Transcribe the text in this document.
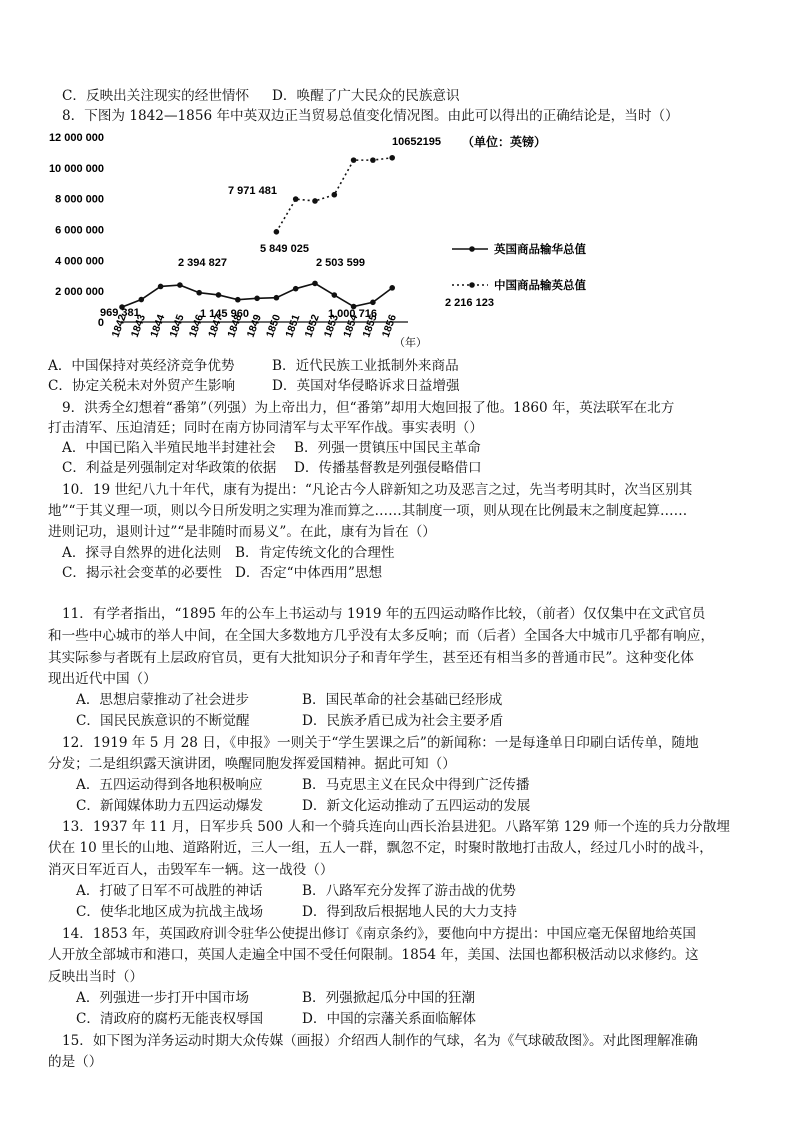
C．反映出关注现实的经世情怀 D．唤醒了广大民众的民族意识
8．下图为 1842—1856 年中英双边正当贸易总值变化情况图。由此可以得出的正确结论是，当时（）
0
2 000 000
4 000 000
6 000 000
8 000 000
10 000 000
12 000 000
1842 1843 1844 1845 1846 1847 1848 1849 1850 1851 1852 1853 1854 1855 1856
（年）
969 381
2 394 827
1 145 960
2 503 599
1 000 716
2 216 123
5 849 025
7 971 481
10652195 （单位：英镑）
英国商品输华总值
中国商品输英总值
A．中国保持对英经济竞争优势	B．近代民族工业抵制外来商品
C．协定关税未对外贸产生影响	D．英国对华侵略诉求日益增强
9．洪秀全幻想着“番第”（列强）为上帝出力，但“番第”却用大炮回报了他。1860 年，英法联军在北方
打击清军、压迫清廷；同时在南方协同清军与太平军作战。事实表明（）
A．中国已陷入半殖民地半封建社会 B．列强一贯镇压中国民主革命
C．利益是列强制定对华政策的依据 D．传播基督教是列强侵略借口
10．19 世纪八九十年代，康有为提出：“凡论古今人辟新知之功及恶言之过，先当考明其时，次当区别其
地”“于其义理一项，则以今日所发明之实理为准而算之……其制度一项，则从现在比例最末之制度起算……
进则记功，退则计过”“是非随时而易义”。在此，康有为旨在（）
A．探寻自然界的进化法则 B．肯定传统文化的合理性
C．揭示社会变革的必要性 D．否定“中体西用”思想
11．有学者指出，“1895 年的公车上书运动与 1919 年的五四运动略作比较，（前者）仅仅集中在文武官员
和一些中心城市的举人中间，在全国大多数地方几乎没有太多反响；而（后者）全国各大中城市几乎都有响应，
其实际参与者既有上层政府官员，更有大批知识分子和青年学生，甚至还有相当多的普通市民”。这种变化体
现出近代中国（）
A．思想启蒙推动了社会进步	B．国民革命的社会基础已经形成
C．国民民族意识的不断觉醒	D．民族矛盾已成为社会主要矛盾
12．1919 年 5 月 28 日，《申报》一则关于“学生罢课之后”的新闻称：一是每逢单日印刷白话传单，随地
分发；二是组织露天演讲团，唤醒同胞发挥爱国精神。据此可知（）
A．五四运动得到各地积极响应	B．马克思主义在民众中得到广泛传播
C．新闻媒体助力五四运动爆发	D．新文化运动推动了五四运动的发展
13．1937 年 11 月，日军步兵 500 人和一个骑兵连向山西长治县进犯。八路军第 129 师一个连的兵力分散埋
伏在 10 里长的山地、道路附近，三人一组，五人一群，飘忽不定，时聚时散地打击敌人，经过几小时的战斗，
消灭日军近百人，击毁军车一辆。这一战役（）
A．打破了日军不可战胜的神话	B．八路军充分发挥了游击战的优势
C．使华北地区成为抗战主战场	D．得到敌后根据地人民的大力支持
14．1853 年，英国政府训令驻华公使提出修订《南京条约》，要他向中方提出：中国应毫无保留地给英国
人开放全部城市和港口，英国人走遍全中国不受任何限制。1854 年，美国、法国也都积极活动以求修约。这
反映出当时（）
A．列强进一步打开中国市场	B．列强掀起瓜分中国的狂潮
C．清政府的腐朽无能丧权辱国	D．中国的宗藩关系面临解体
15．如下图为洋务运动时期大众传媒（画报）介绍西人制作的气球，名为《气球破敌图》。对此图理解准确
的是（）
